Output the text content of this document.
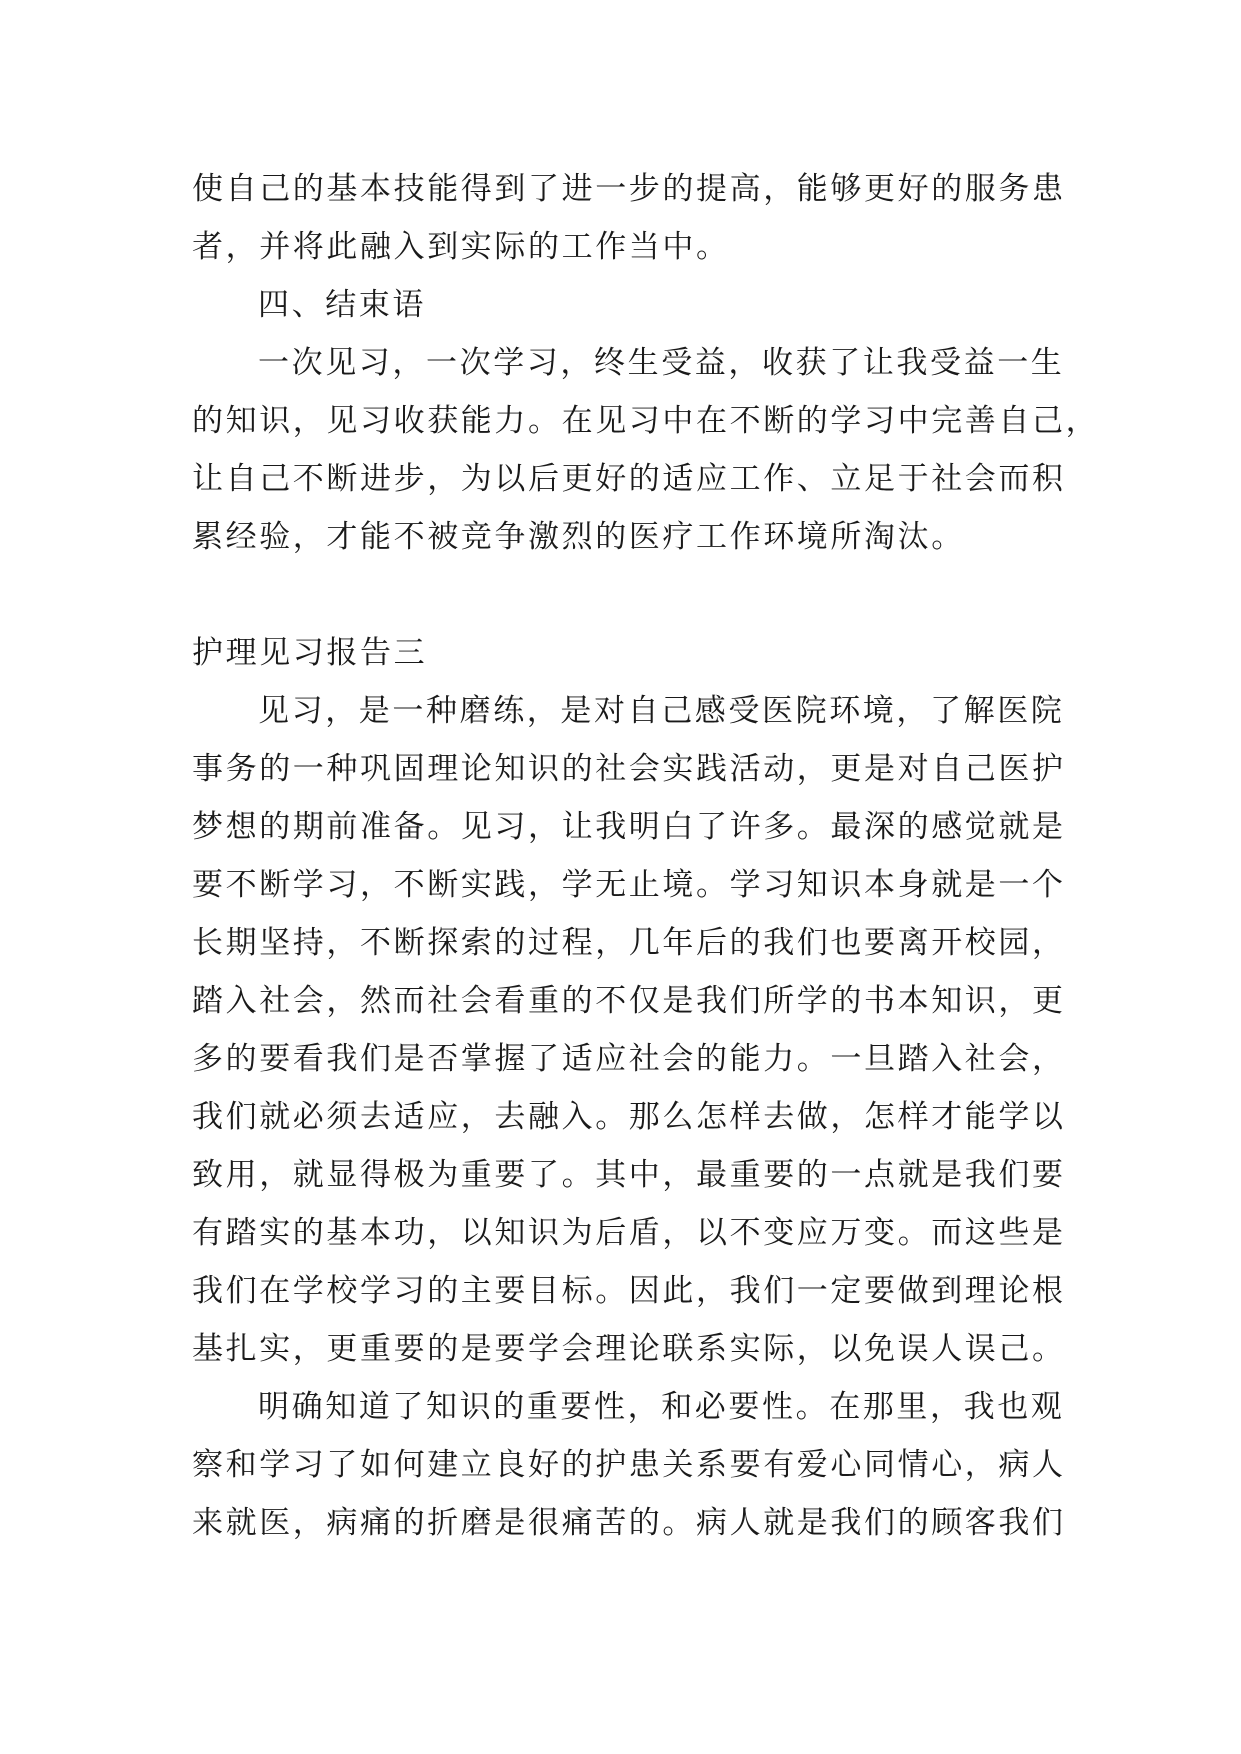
使自己的基本技能得到了进一步的提高，能够更好的服务患
者，并将此融入到实际的工作当中。
四、结束语
一次见习，一次学习，终生受益，收获了让我受益一生
的知识，见习收获能力。在见习中在不断的学习中完善自己，
让自己不断进步，为以后更好的适应工作、立足于社会而积
累经验，才能不被竞争激烈的医疗工作环境所淘汰。
护理见习报告三
见习，是一种磨练，是对自己感受医院环境，了解医院
事务的一种巩固理论知识的社会实践活动，更是对自己医护
梦想的期前准备。见习，让我明白了许多。最深的感觉就是
要不断学习，不断实践，学无止境。学习知识本身就是一个
长期坚持，不断探索的过程，几年后的我们也要离开校园，
踏入社会，然而社会看重的不仅是我们所学的书本知识，更
多的要看我们是否掌握了适应社会的能力。一旦踏入社会，
我们就必须去适应，去融入。那么怎样去做，怎样才能学以
致用，就显得极为重要了。其中，最重要的一点就是我们要
有踏实的基本功，以知识为后盾，以不变应万变。而这些是
我们在学校学习的主要目标。因此，我们一定要做到理论根
基扎实，更重要的是要学会理论联系实际，以免误人误己。
明确知道了知识的重要性，和必要性。在那里，我也观
察和学习了如何建立良好的护患关系要有爱心同情心，病人
来就医，病痛的折磨是很痛苦的。病人就是我们的顾客我们
